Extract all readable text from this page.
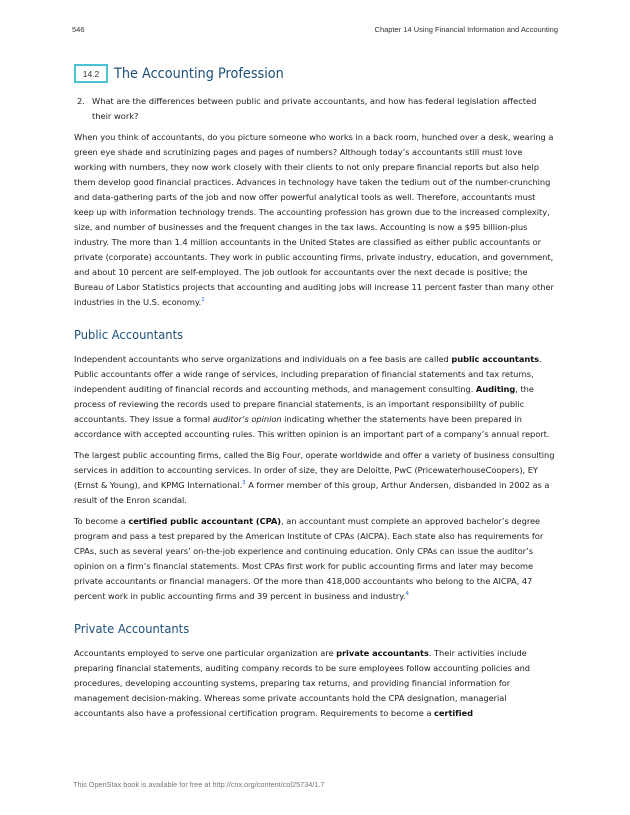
546	Chapter 14 Using Financial Information and Accounting
14.2	The Accounting Profession
2. What are the differences between public and private accountants, and how has federal legislation affected their work?

When you think of accountants, do you picture someone who works in a back room, hunched over a desk, wearing a green eye shade and scrutinizing pages and pages of numbers? Although today’s accountants still must love working with numbers, they now work closely with their clients to not only prepare financial reports but also help them develop good financial practices. Advances in technology have taken the tedium out of the number-crunching and data-gathering parts of the job and now offer powerful analytical tools as well. Therefore, accountants must keep up with information technology trends. The accounting profession has grown due to the increased complexity, size, and number of businesses and the frequent changes in the tax laws. Accounting is now a $95 billion-plus industry. The more than 1.4 million accountants in the United States are classified as either public accountants or private (corporate) accountants. They work in public accounting firms, private industry, education, and government, and about 10 percent are self-employed. The job outlook for accountants over the next decade is positive; the Bureau of Labor Statistics projects that accounting and auditing jobs will increase 11 percent faster than many other industries in the U.S. economy.$^2$

Public Accountants

Independent accountants who serve organizations and individuals on a fee basis are called public accountants. Public accountants offer a wide range of services, including preparation of financial statements and tax returns, independent auditing of financial records and accounting methods, and management consulting. Auditing, the process of reviewing the records used to prepare financial statements, is an important responsibility of public accountants. They issue a formal auditor’s opinion indicating whether the statements have been prepared in accordance with accepted accounting rules. This written opinion is an important part of a company’s annual report.

The largest public accounting firms, called the Big Four, operate worldwide and offer a variety of business consulting services in addition to accounting services. In order of size, they are Deloitte, PwC (PricewaterhouseCoopers), EY (Ernst & Young), and KPMG International.$^3$ A former member of this group, Arthur Andersen, disbanded in 2002 as a result of the Enron scandal.

To become a certified public accountant (CPA), an accountant must complete an approved bachelor’s degree program and pass a test prepared by the American Institute of CPAs (AICPA). Each state also has requirements for CPAs, such as several years’ on-the-job experience and continuing education. Only CPAs can issue the auditor’s opinion on a firm’s financial statements. Most CPAs first work for public accounting firms and later may become private accountants or financial managers. Of the more than 418,000 accountants who belong to the AICPA, 47 percent work in public accounting firms and 39 percent in business and industry.$^4$

Private Accountants

Accountants employed to serve one particular organization are private accountants. Their activities include preparing financial statements, auditing company records to be sure employees follow accounting policies and procedures, developing accounting systems, preparing tax returns, and providing financial information for management decision-making. Whereas some private accountants hold the CPA designation, managerial accountants also have a professional certification program. Requirements to become a certified

This OpenStax book is available for free at http://cnx.org/content/col25734/1.7
